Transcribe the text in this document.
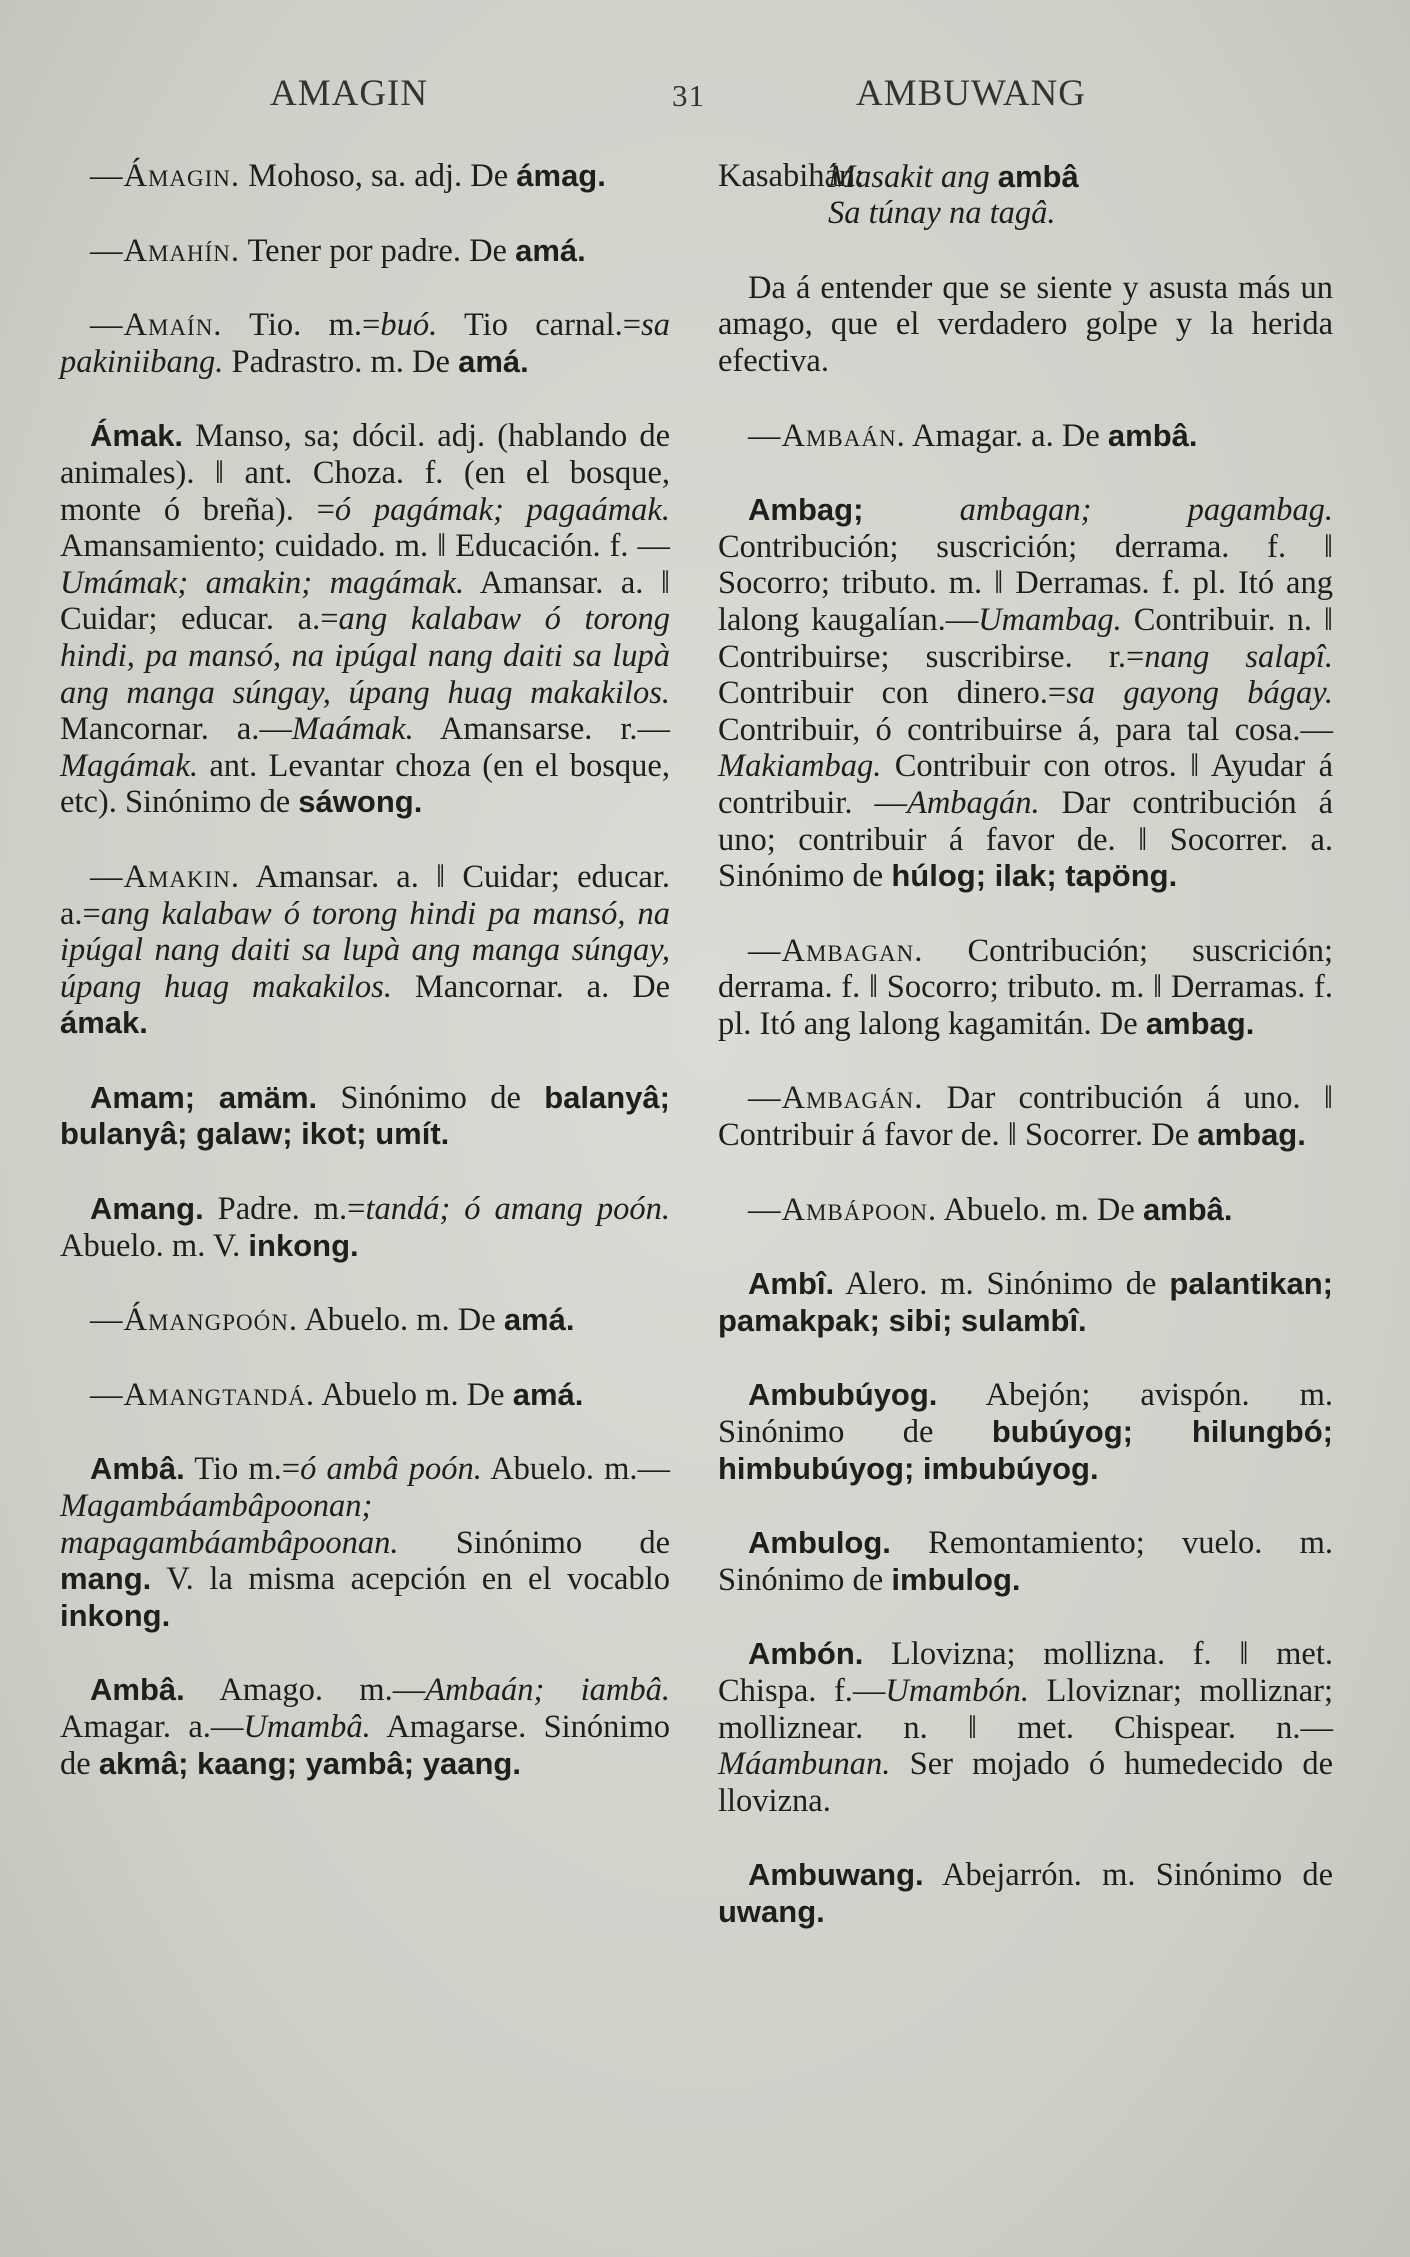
AMAGIN	31	AMBUWANG
—Ámagin. Mohoso, sa. adj. De ámag.
—Amahín. Tener por padre. De amá.
—Amaín. Tio. m.=buó. Tio carnal.=sa pakiniibang. Padrastro. m. De amá.
Ámak. Manso, sa; dócil. adj. (hablando de animales). ‖ ant. Choza. f. (en el bosque, monte ó breña). =ó pagámak; pagaámak. Amansamiento; cuidado. m. ‖ Educación. f. —Umámak; amakin; magámak. Amansar. a. ‖ Cuidar; educar. a.=ang kalabaw ó torong hindi, pa mansó, na ipúgal nang daiti sa lupà ang manga súngay, úpang huag makakilos. Mancornar. a.—Maámak. Amansarse. r.—Magámak. ant. Levantar choza (en el bosque, etc). Sinónimo de sáwong.
—Amakin. Amansar. a. ‖ Cuidar; educar. a.=ang kalabaw ó torong hindi pa mansó, na ipúgal nang daiti sa lupà ang manga súngay, úpang huag makakilos. Mancornar. a. De ámak.
Amam; amäm. Sinónimo de balanyâ; bulanyâ; galaw; ikot; umít.
Amang. Padre. m.=tandá; ó amang poón. Abuelo. m. V. inkong.
—Ámangpoón. Abuelo. m. De amá.
—Amangtandá. Abuelo m. De amá.
Ambâ. Tio m.=ó ambâ poón. Abuelo. m.—Magambáambâpoonan; mapagambáambâpoonan. Sinónimo de mang. V. la misma acepción en el vocablo inkong.
Ambâ. Amago. m.—Ambaán; iambâ. Amagar. a.—Umambâ. Amagarse. Sinónimo de akmâ; kaang; yambâ; yaang.
Kasabihán:
Masakit ang ambâ
Sa túnay na tagâ.
Da á entender que se siente y asusta más un amago, que el verdadero golpe y la herida efectiva.
—Ambaán. Amagar. a. De ambâ.
Ambag;	ambagan; pagambag. Contribución; suscrición; derrama. f. ‖ Socorro; tributo. m. ‖ Derramas. f. pl. Itó ang lalong kaugalían.—Umambag. Contribuir. n. ‖ Contribuirse; suscribirse. r.=nang salapî. Contribuir con dinero.=sa gayong bágay. Contribuir, ó contribuirse á, para tal cosa.—Makiambag. Contribuir con otros. ‖ Ayudar á contribuir. —Ambagán. Dar contribución á uno; contribuir á favor de. ‖ Socorrer. a. Sinónimo de húlog; ilak; tapöng.
—Ambagan. Contribución; suscrición; derrama. f. ‖ Socorro; tributo. m. ‖ Derramas. f. pl. Itó ang lalong kagamitán. De ambag.
—Ambagán. Dar contribución á uno. ‖ Contribuir á favor de. ‖ Socorrer. De ambag.
—Ambápoon. Abuelo. m. De ambâ.
Ambî. Alero. m. Sinónimo de palantikan; pamakpak; sibi; sulambî.
Ambubúyog. Abejón; avispón. m. Sinónimo de bubúyog; hilungbó; himbubúyog; imbubúyog.
Ambulog. Remontamiento; vuelo. m. Sinónimo de imbulog.
Ambón. Llovizna; mollizna. f. ‖ met. Chispa. f.—Umambón. Lloviznar; molliznar; molliznear. n. ‖ met. Chispear. n.—Máambunan. Ser mojado ó humedecido de llovizna.
Ambuwang. Abejarrón. m. Sinónimo de uwang.
